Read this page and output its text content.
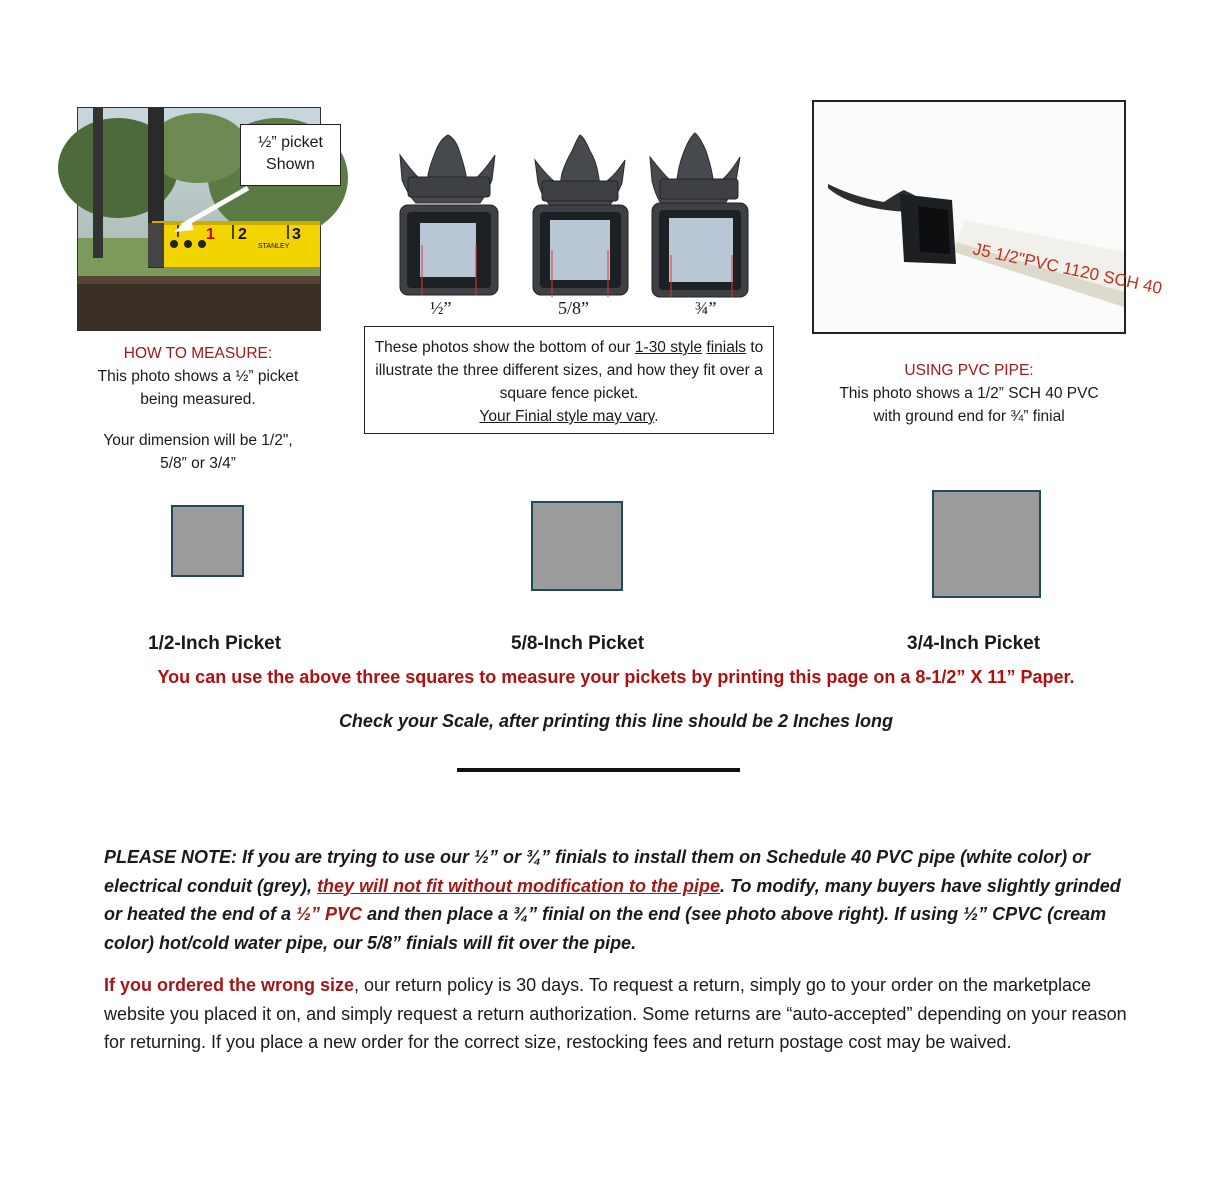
1 2	3
STANLEY
½” picket Shown
HOW TO MEASURE:
This photo shows a ½” picket
being measured.
Your dimension will be 1/2",
5/8” or 3/4”
½”	5/8”	¾”
These photos show the bottom of our 1-30 style finials to illustrate the three different sizes, and how they fit over a square fence picket.
Your Finial style may vary.
J5 1/2"PVC 1120 SCH 40
USING PVC PIPE:
This photo shows a 1/2” SCH 40 PVC
with ground end for ¾” finial
1/2-Inch Picket	5/8-Inch Picket	3/4-Inch Picket
You can use the above three squares to measure your pickets by printing this page on a 8-1/2” X 11” Paper.
Check your Scale, after printing this line should be 2 Inches long
PLEASE NOTE: If you are trying to use our ½” or ¾” finials to install them on Schedule 40 PVC pipe (white color) or electrical conduit (grey), they will not fit without modification to the pipe. To modify, many buyers have slightly grinded or heated the end of a ½” PVC and then place a ¾” finial on the end (see photo above right). If using ½” CPVC (cream color) hot/cold water pipe, our 5/8” finials will fit over the pipe.
If you ordered the wrong size, our return policy is 30 days. To request a return, simply go to your order on the marketplace website you placed it on, and simply request a return authorization. Some returns are “auto-accepted” depending on your reason for returning. If you place a new order for the correct size, restocking fees and return postage cost may be waived.
